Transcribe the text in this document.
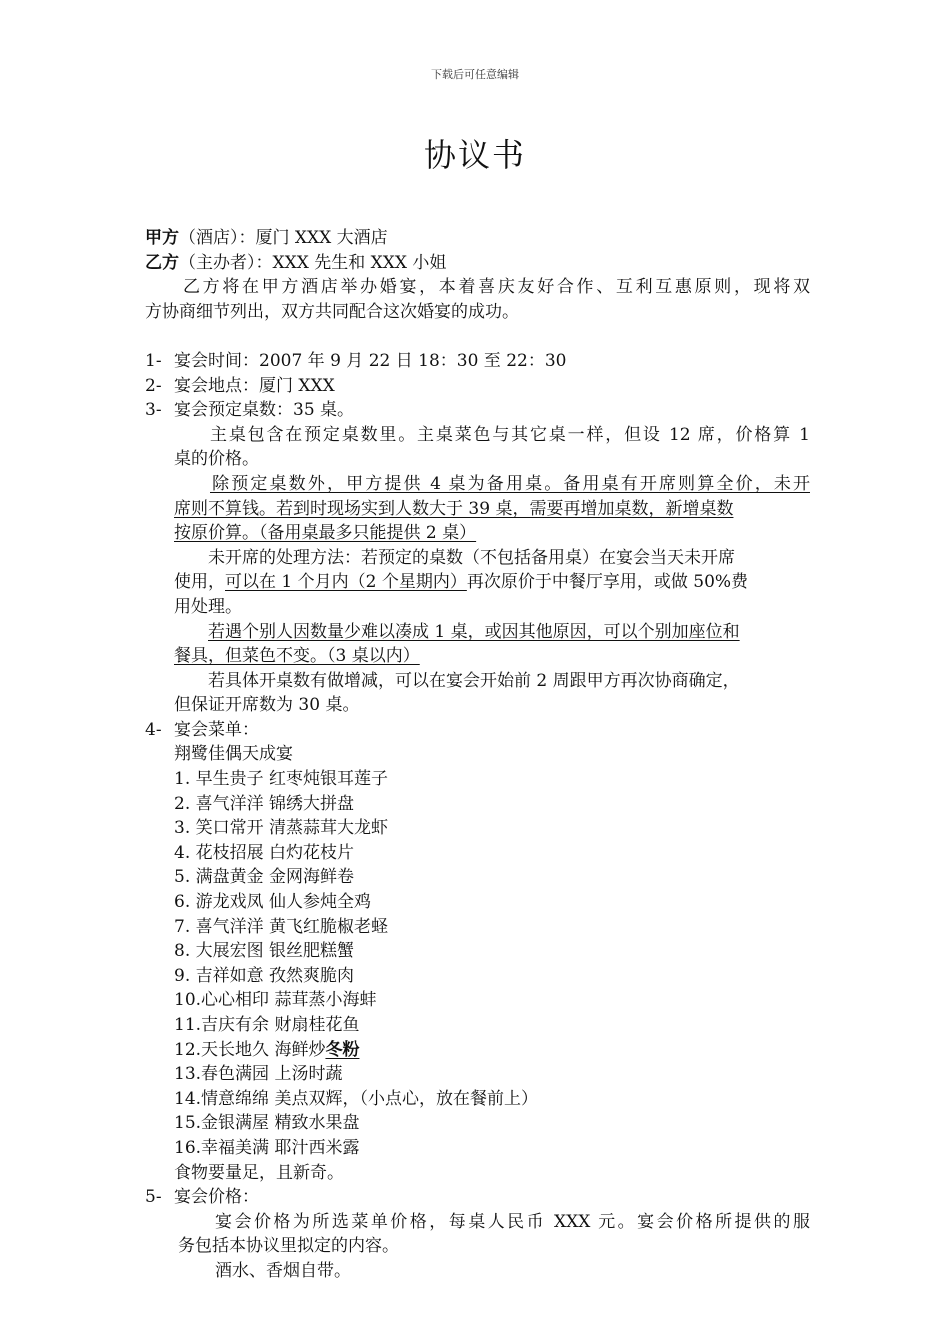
下载后可任意编辑
协议书
甲方（酒店）：厦门 XXX 大酒店
乙方（主办者）：XXX 先生和 XXX 小姐
乙方将在甲方酒店举办婚宴，本着喜庆友好合作、互利互惠原则，现将双
方协商细节列出，双方共同配合这次婚宴的成功。
1- 宴会时间：2007 年 9 月 22 日 18：30 至 22：30
2- 宴会地点：厦门 XXX
3- 宴会预定桌数：35 桌。
主桌包含在预定桌数里。主桌菜色与其它桌一样，但设 12 席，价格算 1
桌的价格。
除预定桌数外，甲方提供 4 桌为备用桌。备用桌有开席则算全价，未开
席则不算钱。若到时现场实到人数大于 39 桌，需要再增加桌数，新增桌数
按原价算。（备用桌最多只能提供 2 桌）
未开席的处理方法：若预定的桌数（不包括备用桌）在宴会当天未开席
使用，可以在 1 个月内（2 个星期内）再次原价于中餐厅享用，或做 50%费
用处理。
若遇个别人因数量少难以凑成 1 桌，或因其他原因，可以个别加座位和
餐具，但菜色不变。（3 桌以内）
若具体开桌数有做增减，可以在宴会开始前 2 周跟甲方再次协商确定，
但保证开席数为 30 桌。
4- 宴会菜单：
翔鹭佳偶天成宴
1. 早生贵子 红枣炖银耳莲子
2. 喜气洋洋 锦绣大拼盘
3. 笑口常开 清蒸蒜茸大龙虾
4. 花枝招展 白灼花枝片
5. 满盘黄金 金网海鲜卷
6. 游龙戏凤 仙人参炖全鸡
7. 喜气洋洋 黄飞红脆椒老蛏
8. 大展宏图 银丝肥糕蟹
9. 吉祥如意 孜然爽脆肉
10.心心相印 蒜茸蒸小海蚌
11.吉庆有余 财扇桂花鱼
12.天长地久 海鲜炒冬粉
13.春色满园 上汤时蔬
14.情意绵绵 美点双辉，（小点心，放在餐前上）
15.金银满屋 精致水果盘
16.幸福美满 耶汁西米露
食物要量足，且新奇。
5- 宴会价格：
宴会价格为所选菜单价格，每桌人民币 XXX 元。宴会价格所提供的服
务包括本协议里拟定的内容。
酒水、香烟自带。
